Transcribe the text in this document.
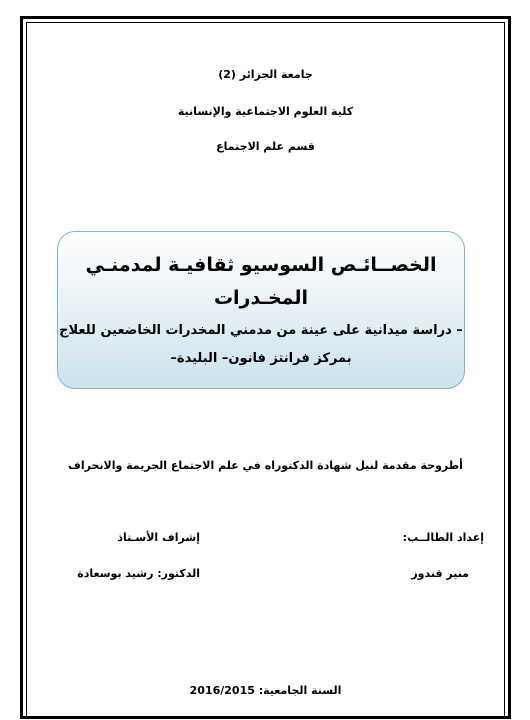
جامعة الجزائر (2)
كلية العلوم الاجتماعية والإنسانية
قسم علم الاجتماع
الخصــائـص السوسيو ثقافيـة لمدمنـي
المخـدرات
– دراسة ميدانية على عينة من مدمني المخدرات الخاضعين للعلاج
بمركز فرانتز فانون– البليدة–
أطروحة مقدمة لنيل شهادة الدكتوراه في علم الاجتماع الجريمة والانحراف
إعداد الطالــب:
إشراف الأسـتاذ
منير قندوز
الدكتور: رشيد بوسعادة
السنة الجامعية: 2016/2015
